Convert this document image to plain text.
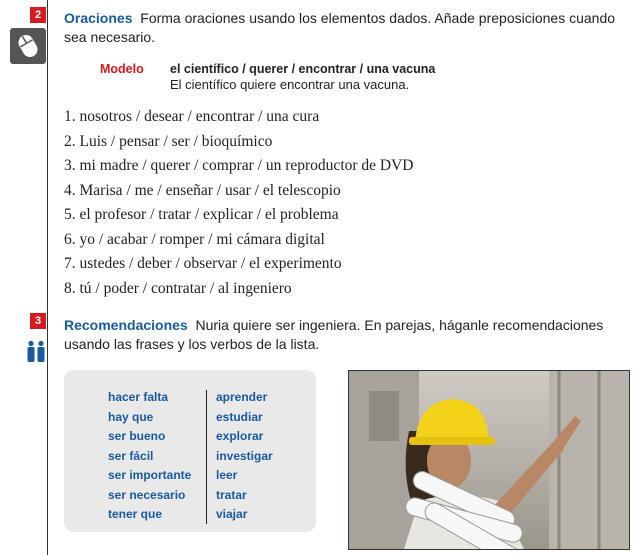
2	Oraciones Forma oraciones usando los elementos dados. Añade preposiciones cuando sea necesario.
Modelo el científico / querer / encontrar / una vacuna
El científico quiere encontrar una vacuna.
1. nosotros / desear / encontrar / una cura
2. Luis / pensar / ser / bioquímico
3. mi madre / querer / comprar / un reproductor de DVD
4. Marisa / me / enseñar / usar / el telescopio
5. el profesor / tratar / explicar / el problema
6. yo / acabar / romper / mi cámara digital
7. ustedes / deber / observar / el experimento
8. tú / poder / contratar / al ingeniero
3	Recomendaciones Nuria quiere ser ingeniera. En parejas, háganle recomendaciones usando las frases y los verbos de la lista.
hacer falta
hay que
ser bueno
ser fácil
ser importante
ser necesario
tener que
aprender
estudiar
explorar
investigar
leer
tratar
viajar
